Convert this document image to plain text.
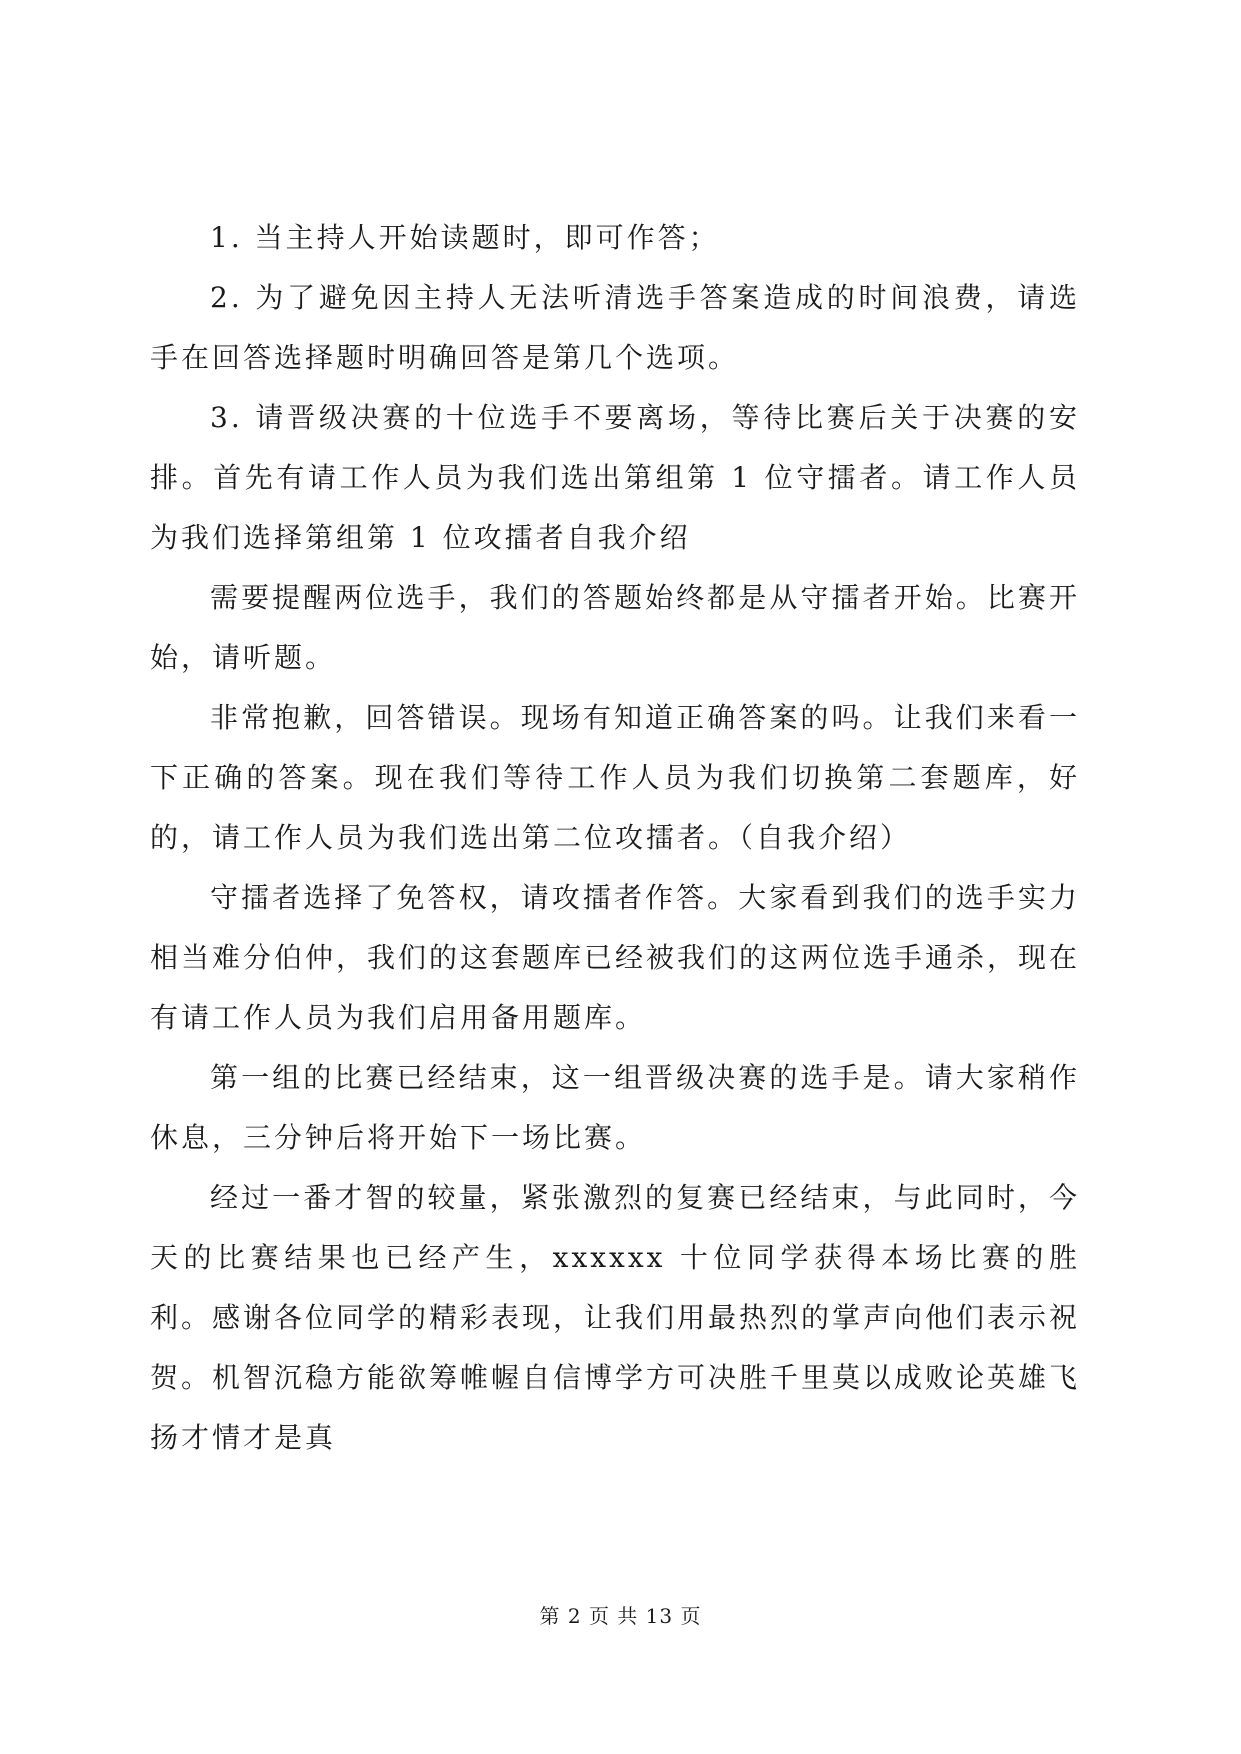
1. 当主持人开始读题时，即可作答；

2. 为了避免因主持人无法听清选手答案造成的时间浪费，请选手在回答选择题时明确回答是第几个选项。

3. 请晋级决赛的十位选手不要离场，等待比赛后关于决赛的安排。首先有请工作人员为我们选出第组第 1 位守擂者。请工作人员为我们选择第组第 1 位攻擂者自我介绍

需要提醒两位选手，我们的答题始终都是从守擂者开始。比赛开始，请听题。

非常抱歉，回答错误。现场有知道正确答案的吗。让我们来看一下正确的答案。现在我们等待工作人员为我们切换第二套题库，好的，请工作人员为我们选出第二位攻擂者。（自我介绍）

守擂者选择了免答权，请攻擂者作答。大家看到我们的选手实力相当难分伯仲，我们的这套题库已经被我们的这两位选手通杀，现在有请工作人员为我们启用备用题库。

第一组的比赛已经结束，这一组晋级决赛的选手是。请大家稍作休息，三分钟后将开始下一场比赛。

经过一番才智的较量，紧张激烈的复赛已经结束，与此同时，今天的比赛结果也已经产生，xxxxxx 十位同学获得本场比赛的胜利。感谢各位同学的精彩表现，让我们用最热烈的掌声向他们表示祝贺。机智沉稳方能欲筹帷幄自信博学方可决胜千里莫以成败论英雄飞扬才情才是真

第 2 页 共 13 页
